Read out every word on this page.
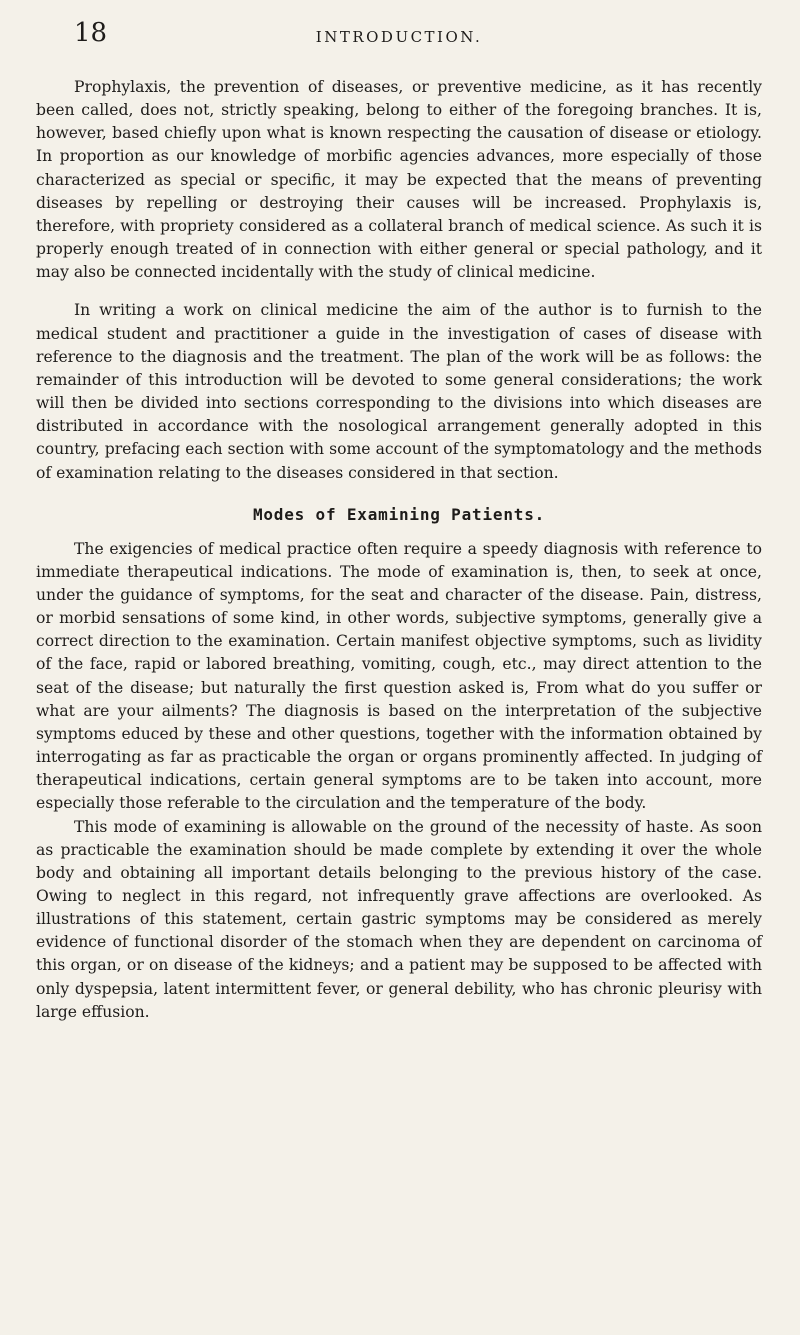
18	INTRODUCTION.

Prophylaxis, the prevention of diseases, or preventive medicine, as it has recently been called, does not, strictly speaking, belong to either of the foregoing branches. It is, however, based chiefly upon what is known respecting the causation of disease or etiology. In proportion as our knowledge of morbific agencies advances, more especially of those characterized as special or specific, it may be expected that the means of preventing diseases by repelling or destroying their causes will be increased. Prophylaxis is, therefore, with propriety considered as a collateral branch of medical science. As such it is properly enough treated of in connection with either general or special pathology, and it may also be connected incidentally with the study of clinical medicine.

In writing a work on clinical medicine the aim of the author is to furnish to the medical student and practitioner a guide in the investigation of cases of disease with reference to the diagnosis and the treatment. The plan of the work will be as follows: the remainder of this introduction will be devoted to some general considerations; the work will then be divided into sections corresponding to the divisions into which diseases are distributed in accordance with the nosological arrangement generally adopted in this country, prefacing each section with some account of the symptomatology and the methods of examination relating to the diseases considered in that section.

Modes of Examining Patients.

The exigencies of medical practice often require a speedy diagnosis with reference to immediate therapeutical indications. The mode of examination is, then, to seek at once, under the guidance of symptoms, for the seat and character of the disease. Pain, distress, or morbid sensations of some kind, in other words, subjective symptoms, generally give a correct direction to the examination. Certain manifest objective symptoms, such as lividity of the face, rapid or labored breathing, vomiting, cough, etc., may direct attention to the seat of the disease; but naturally the first question asked is, From what do you suffer or what are your ailments? The diagnosis is based on the interpretation of the subjective symptoms educed by these and other questions, together with the information obtained by interrogating as far as practicable the organ or organs prominently affected. In judging of therapeutical indications, certain general symptoms are to be taken into account, more especially those referable to the circulation and the temperature of the body.

This mode of examining is allowable on the ground of the necessity of haste. As soon as practicable the examination should be made complete by extending it over the whole body and obtaining all important details belonging to the previous history of the case. Owing to neglect in this regard, not infrequently grave affections are overlooked. As illustrations of this statement, certain gastric symptoms may be considered as merely evidence of functional disorder of the stomach when they are dependent on carcinoma of this organ, or on disease of the kidneys; and a patient may be supposed to be affected with only dyspepsia, latent intermittent fever, or general debility, who has chronic pleurisy with large effusion.
